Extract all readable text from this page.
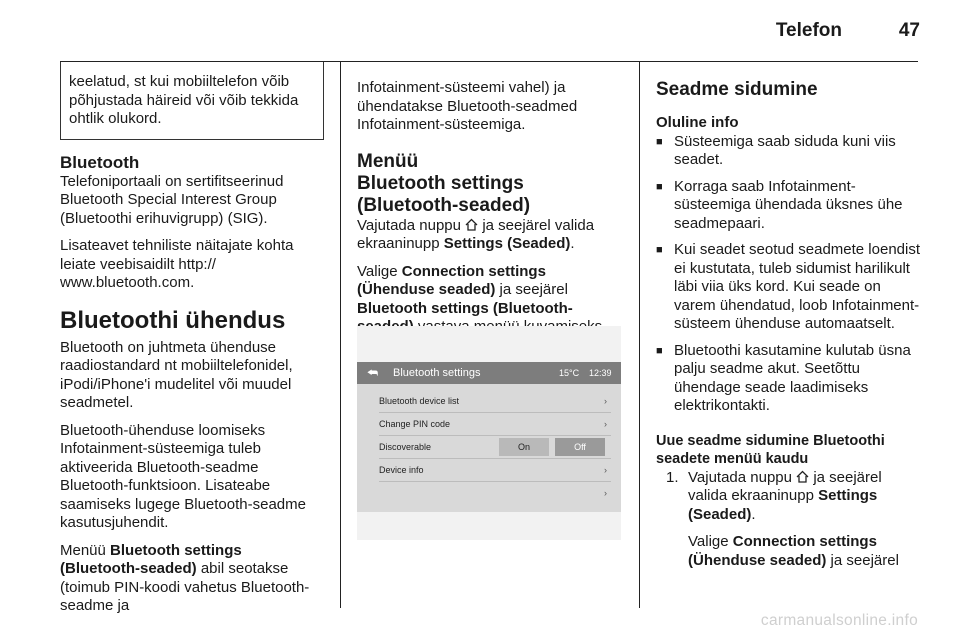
Telefon	47
keelatud, st kui mobiiltelefon võib põhjustada häireid või võib tekkida ohtlik olukord.
Bluetooth

Telefoniportaali on sertifitseerinud Bluetooth Special Interest Group (Bluetoothi erihuvigrupp) (SIG).

Lisateavet tehniliste näitajate kohta leiate veebisaidilt http:// www.bluetooth.com.

Bluetoothi ühendus

Bluetooth on juhtmeta ühenduse raadiostandard nt mobiiltelefonidel, iPodi/iPhone'i mudelitel või muudel seadmetel.

Bluetooth-ühenduse loomiseks Infotainment-süsteemiga tuleb aktiveerida Bluetooth-seadme Bluetooth-funktsioon. Lisateabe saamiseks lugege Bluetooth-seadme kasutusjuhendit.

Menüü Bluetooth settings (Bluetooth-seaded) abil seotakse (toimub PIN-koodi vahetus Bluetooth-seadme ja

Infotainment-süsteemi vahel) ja ühendatakse Bluetooth-seadmed Infotainment-süsteemiga.

Menüü
Bluetooth settings (Bluetooth-seaded)

Vajutada nuppu  ja seejärel valida ekraaninupp Settings (Seaded).

Valige Connection settings (Ühenduse seaded) ja seejärel Bluetooth settings (Bluetooth-

⮪ Bluetooth settings	15°C 12:39
Bluetooth device list	›
Change PIN code	›
Discoverable	On	Off
Device info	›
›
Seadme sidumine
Oluline info
■ Süsteemiga saab siduda kuni viis seadet.
■ Korraga saab Infotainment-süsteemiga ühendada üksnes ühe seadmepaari.
■ Kui seadet seotud seadmete loendist ei kustutata, tuleb sidumist harilikult läbi viia üks kord. Kui seade on varem ühendatud, loob Infotainment-süsteem ühenduse automaatselt.
■ Bluetoothi kasutamine kulutab üsna palju seadme akut. Seetõttu ühendage seade laadimiseks elektrikontakti.
Uue seadme sidumine Bluetoothi seadete menüü kaudu
1. Vajutada nuppu  ja seejärel valida ekraaninupp Settings (Seaded).
Valige Connection settings (Ühenduse seaded) ja seejärel
carmanualsonline.info
